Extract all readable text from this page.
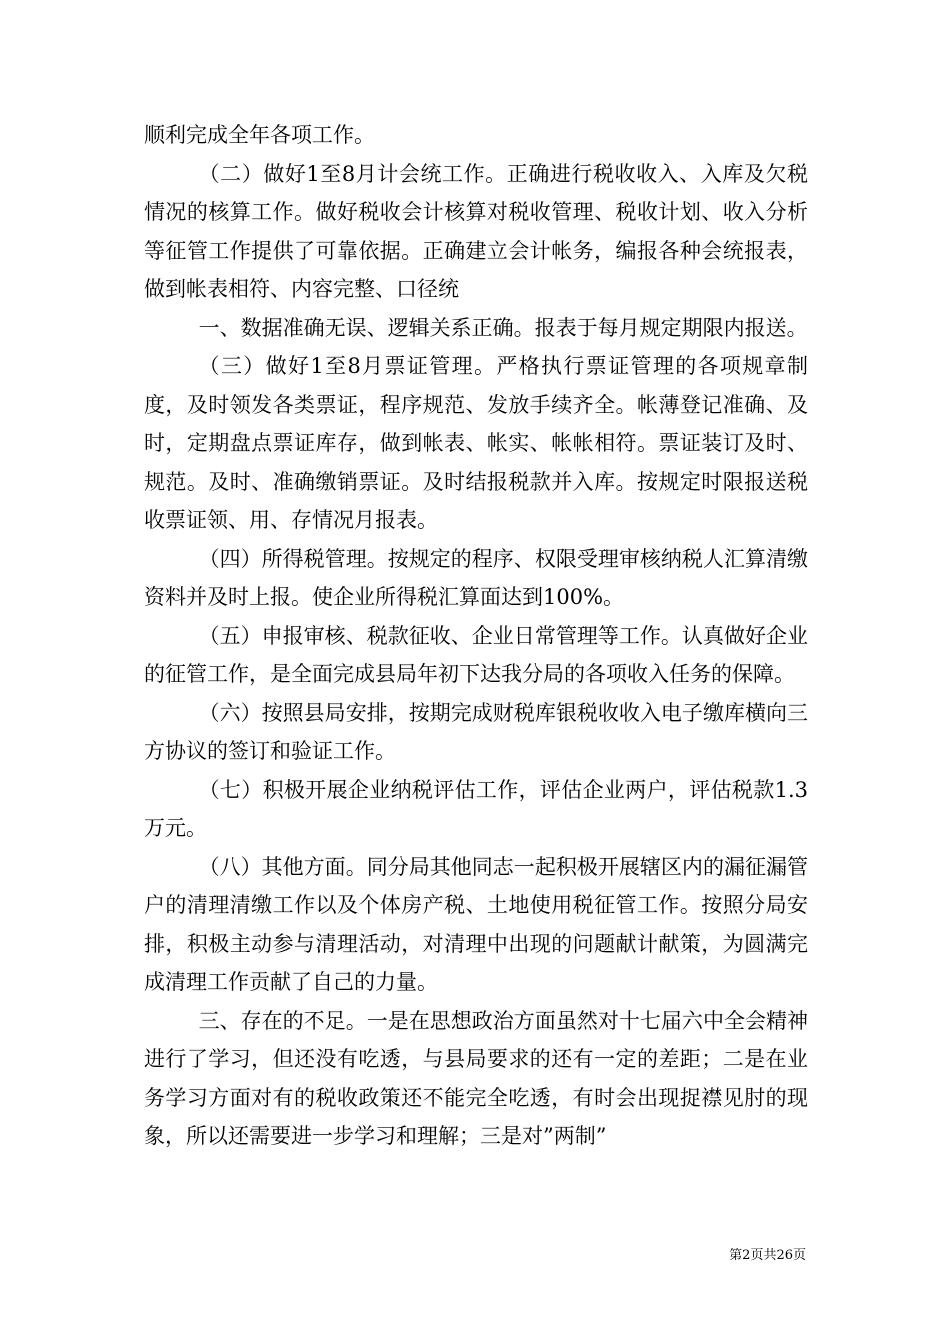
顺利完成全年各项工作。

（二）做好1至8月计会统工作。正确进行税收收入、入库及欠税情况的核算工作。做好税收会计核算对税收管理、税收计划、收入分析等征管工作提供了可靠依据。正确建立会计帐务，编报各种会统报表，做到帐表相符、内容完整、口径统

一、数据准确无误、逻辑关系正确。报表于每月规定期限内报送。

（三）做好1至8月票证管理。严格执行票证管理的各项规章制度，及时领发各类票证，程序规范、发放手续齐全。帐薄登记准确、及时，定期盘点票证库存，做到帐表、帐实、帐帐相符。票证装订及时、规范。及时、准确缴销票证。及时结报税款并入库。按规定时限报送税收票证领、用、存情况月报表。

（四）所得税管理。按规定的程序、权限受理审核纳税人汇算清缴资料并及时上报。使企业所得税汇算面达到100%。

（五）申报审核、税款征收、企业日常管理等工作。认真做好企业的征管工作，是全面完成县局年初下达我分局的各项收入任务的保障。

（六）按照县局安排，按期完成财税库银税收收入电子缴库横向三方协议的签订和验证工作。

（七）积极开展企业纳税评估工作，评估企业两户，评估税款1.3万元。

（八）其他方面。同分局其他同志一起积极开展辖区内的漏征漏管户的清理清缴工作以及个体房产税、土地使用税征管工作。按照分局安排，积极主动参与清理活动，对清理中出现的问题献计献策，为圆满完成清理工作贡献了自己的力量。

三、存在的不足。一是在思想政治方面虽然对十七届六中全会精神进行了学习，但还没有吃透，与县局要求的还有一定的差距；二是在业务学习方面对有的税收政策还不能完全吃透，有时会出现捉襟见肘的现象，所以还需要进一步学习和理解；三是对”两制”

第2页共26页
